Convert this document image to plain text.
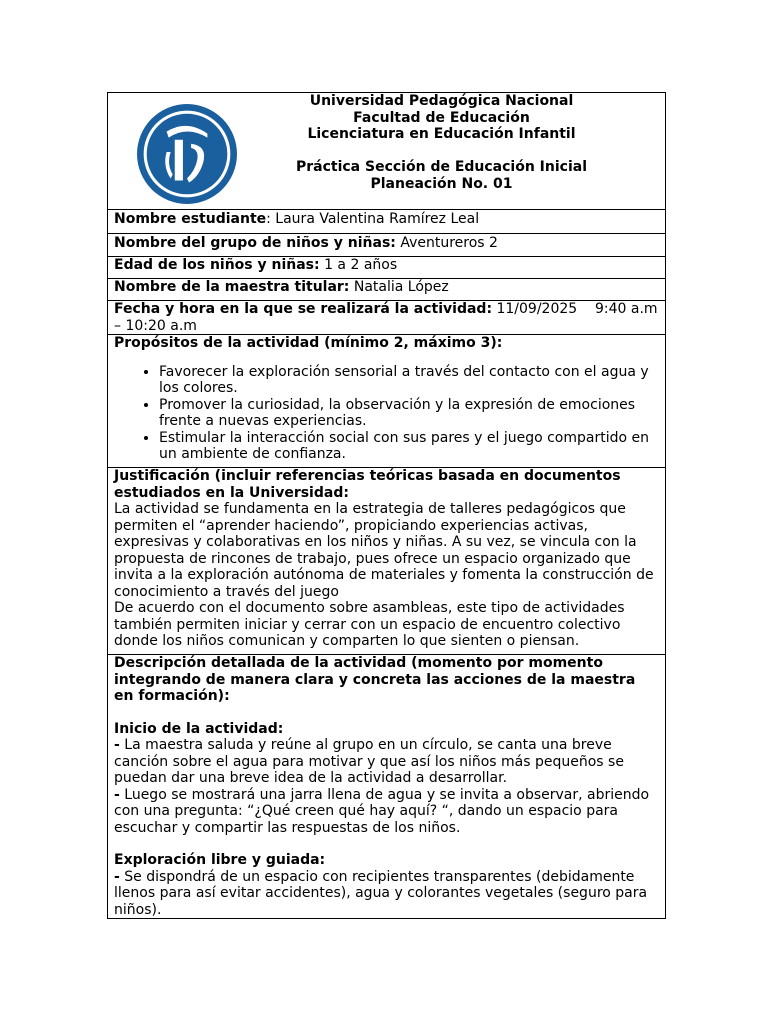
Universidad Pedagógica Nacional
Facultad de Educación
Licenciatura en Educación Infantil
Práctica Sección de Educación Inicial
Planeación No. 01
Nombre estudiante: Laura Valentina Ramírez Leal
Nombre del grupo de niños y niñas: Aventureros 2
Edad de los niños y niñas: 1 a 2 años
Nombre de la maestra titular: Natalia López
Fecha y hora en la que se realizará la actividad: 11/09/2025    9:40 a.m – 10:20 a.m
Propósitos de la actividad (mínimo 2, máximo 3):
• Favorecer la exploración sensorial a través del contacto con el agua y los colores.
• Promover la curiosidad, la observación y la expresión de emociones frente a nuevas experiencias.
• Estimular la interacción social con sus pares y el juego compartido en un ambiente de confianza.
Justificación (incluir referencias teóricas basada en documentos estudiados en la Universidad:
La actividad se fundamenta en la estrategia de talleres pedagógicos que permiten el “aprender haciendo”, propiciando experiencias activas, expresivas y colaborativas en los niños y niñas. A su vez, se vincula con la propuesta de rincones de trabajo, pues ofrece un espacio organizado que invita a la exploración autónoma de materiales y fomenta la construcción de conocimiento a través del juego
De acuerdo con el documento sobre asambleas, este tipo de actividades también permiten iniciar y cerrar con un espacio de encuentro colectivo donde los niños comunican y comparten lo que sienten o piensan.
Descripción detallada de la actividad (momento por momento integrando de manera clara y concreta las acciones de la maestra en formación):
Inicio de la actividad:
- La maestra saluda y reúne al grupo en un círculo, se canta una breve canción sobre el agua para motivar y que así los niños más pequeños se puedan dar una breve idea de la actividad a desarrollar.
- Luego se mostrará una jarra llena de agua y se invita a observar, abriendo con una pregunta: “¿Qué creen qué hay aquí? “, dando un espacio para escuchar y compartir las respuestas de los niños.
Exploración libre y guiada:
- Se dispondrá de un espacio con recipientes transparentes (debidamente llenos para así evitar accidentes), agua y colorantes vegetales (seguro para niños).
